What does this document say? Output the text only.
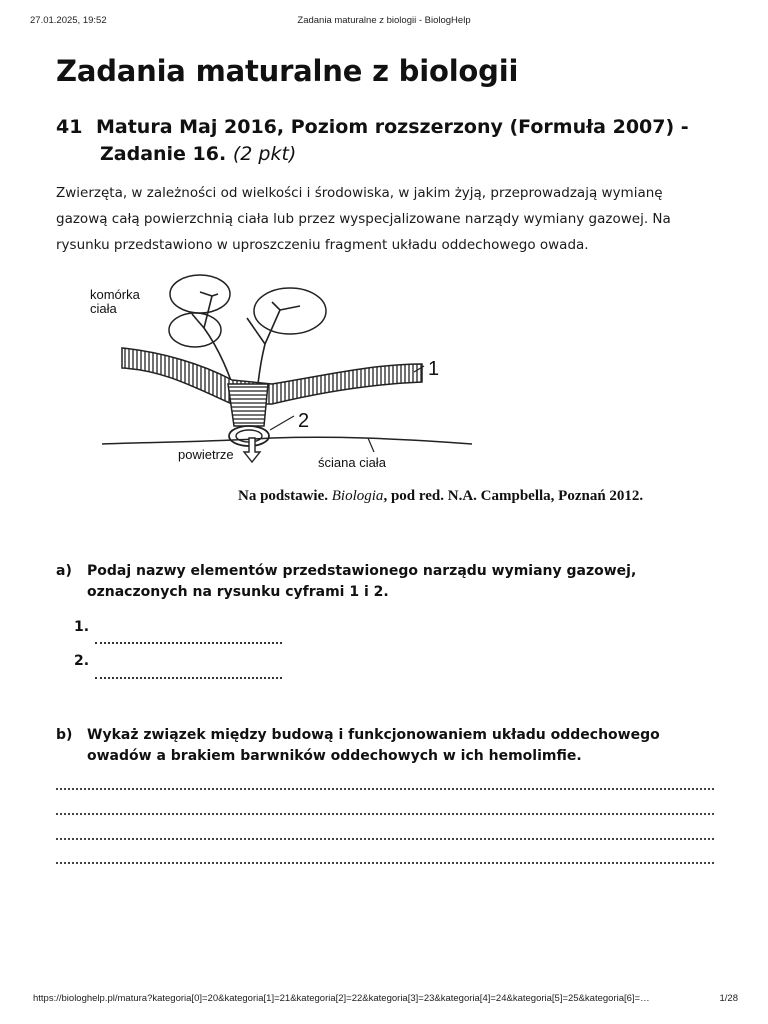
27.01.2025, 19:52	Zadania maturalne z biologii - BiologHelp
Zadania maturalne z biologii
41 Matura Maj 2016, Poziom rozszerzony (Formuła 2007) -
Zadanie 16. (2 pkt)

Zwierzęta, w zależności od wielkości i środowiska, w jakim żyją, przeprowadzają wymianę gazową całą powierzchnią ciała lub przez wyspecjalizowane narządy wymiany gazowej. Na rysunku przedstawiono w uproszczeniu fragment układu oddechowego owada.

komórka
ciała
1
2
powietrze
ściana ciała
Na podstawie. Biologia, pod red. N.A. Campbella, Poznań 2012.
a) Podaj nazwy elementów przedstawionego narządu wymiany gazowej, oznaczonych na rysunku cyframi 1 i 2.
1.
2.
b) Wykaż związek między budową i funkcjonowaniem układu oddechowego owadów a brakiem barwników oddechowych w ich hemolimfie.
https://biologhelp.pl/matura?kategoria[0]=20&kategoria[1]=21&kategoria[2]=22&kategoria[3]=23&kategoria[4]=24&kategoria[5]=25&kategoria[6]=…	1/28
